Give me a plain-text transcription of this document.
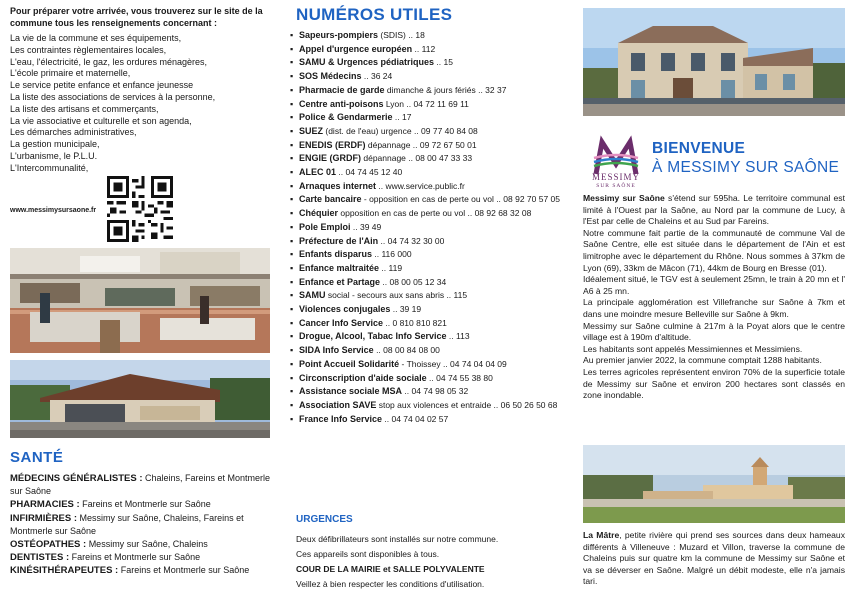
Pour préparer votre arrivée, vous trouverez sur le site de la commune tous les renseignements concernant :
La vie de la commune et ses équipements,
Les contraintes règlementaires locales,
L'eau, l'électricité, le gaz, les ordures ménagères,
L'école primaire et maternelle,
Le service petite enfance et enfance jeunesse
La liste des associations de services à la personne,
La liste des artisans et commerçants,
La vie associative et culturelle et son agenda,
Les démarches administratives,
La gestion municipale,
L'urbanisme, le P.L.U.
L'Intercommunalité,
www.messimysursaone.fr
SANTÉ
MÉDECINS GÉNÉRALISTES : Chaleins, Fareins et Montmerle sur Saône
PHARMACIES : Fareins et Montmerle sur Saône
INFIRMIÈRES : Messimy sur Saône, Chaleins, Fareins et Montmerle sur Saône
OSTÉOPATHES : Messimy sur Saône, Chaleins
DENTISTES : Fareins et Montmerle sur Saône
KINÉSITHÉRAPEUTES : Fareins et Montmerle sur Saône
NUMÉROS UTILES
▪ Sapeurs-pompiers (SDIS) .. 18
▪ Appel d'urgence européen .. 112
▪ SAMU & Urgences pédiatriques .. 15
▪ SOS Médecins .. 36 24
▪ Pharmacie de garde dimanche & jours fériés .. 32 37
▪ Centre anti-poisons Lyon .. 04 72 11 69 11
▪ Police & Gendarmerie .. 17
▪ SUEZ (dist. de l'eau) urgence .. 09 77 40 84 08
▪ ENEDIS (ERDF) dépannage .. 09 72 67 50 01
▪ ENGIE (GRDF) dépannage .. 08 00 47 33 33
▪ ALEC 01 .. 04 74 45 12 40
▪ Arnaques internet .. www.service.public.fr
▪ Carte bancaire - opposition en cas de perte ou vol .. 08 92 70 57 05
▪ Chéquier opposition en cas de perte ou vol .. 08 92 68 32 08
▪ Pole Emploi .. 39 49
▪ Préfecture de l'Ain .. 04 74 32 30 00
▪ Enfants disparus .. 116 000
▪ Enfance maltraitée .. 119
▪ Enfance et Partage .. 08 00 05 12 34
▪ SAMU social - secours aux sans abris .. 115
▪ Violences conjugales .. 39 19
▪ Cancer Info Service .. 0 810 810 821
▪ Drogue, Alcool, Tabac Info Service .. 113
▪ SIDA Info Service .. 08 00 84 08 00
▪ Point Accueil Solidarité - Thoissey .. 04 74 04 04 09
▪ Circonscription d'aide sociale .. 04 74 55 38 80
▪ Assistance sociale MSA .. 04 74 98 05 32
▪ Association SAVE stop aux violences et entraide .. 06 50 26 50 68
▪ France Info Service .. 04 74 04 02 57
URGENCES
Deux défibrillateurs sont installés sur notre commune.
Ces appareils sont disponibles à tous.
COUR DE LA MAIRIE et SALLE POLYVALENTE
Veillez à bien respecter les conditions d'utilisation.
MESSIMY
SUR SAÔNE
BIENVENUE
À MESSIMY SUR SAÔNE

Messimy sur Saône s'étend sur 595ha. Le territoire communal est limité à l'Ouest par la Saône, au Nord par la commune de Lucy, à l'Est par celle de Chaleins et au Sud par Fareins.

Notre commune fait partie de la communauté de commune Val de Saône Centre, elle est située dans le département de l'Ain et est limitrophe avec le département du Rhône. Nous sommes à 37km de Lyon (69), 33km de Mâcon (71), 44km de Bourg en Bresse (01).

Idéalement situé, le TGV est à seulement 25mn, le train à 20 mn et l' A6 à 25 mn.

La principale agglomération est Villefranche sur Saône à 7km et dans une moindre mesure Belleville sur Saône à 9km.

Messimy sur Saône culmine à 217m à la Poyat alors que le centre village est à 190m d'altitude.

Les habitants sont appelés Messimiennes et Messimiens.

Au premier janvier 2022, la commune comptait 1288 habitants.

Les terres agricoles représentent environ 70% de la superficie totale de Messimy sur Saône et environ 200 hectares sont classés en zone inondable.

La Mâtre, petite rivière qui prend ses sources dans deux hameaux différents à Villeneuve : Muzard et Villon, traverse la commune de Chaleins puis sur quatre km la commune de Messimy sur Saône et va se déverser en Saône. Malgré un débit modeste, elle n'a jamais tari.
